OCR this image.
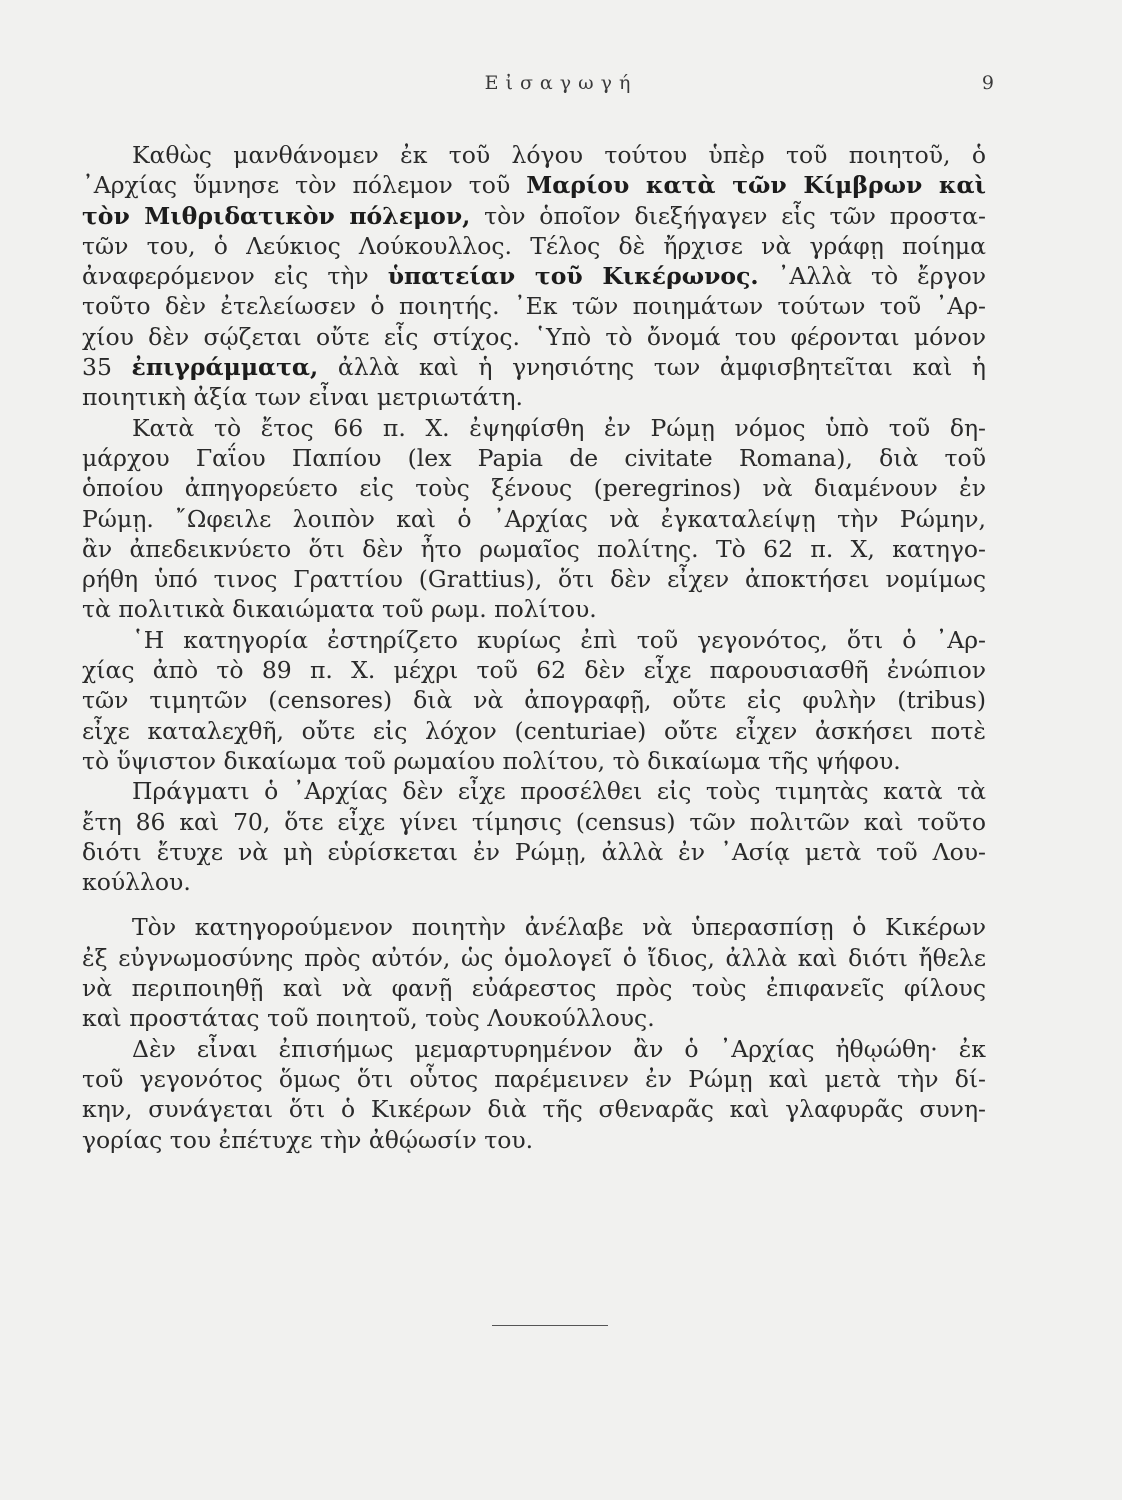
Εἰσαγωγή	9
Καθὼς μανθάνομεν ἐκ τοῦ λόγου τούτου ὑπὲρ τοῦ ποιητοῦ, ὁ
᾿Αρχίας ὕμνησε τὸν πόλεμον τοῦ Μαρίου κατὰ τῶν Κίμβρων καὶ
τὸν Μιθριδατικὸν πόλεμον, τὸν ὁποῖον διεξήγαγεν εἷς τῶν προστα-
τῶν του, ὁ Λεύκιος Λούκουλλος. Τέλος δὲ ἤρχισε νὰ γράφῃ ποίημα
ἀναφερόμενον εἰς τὴν ὑπατείαν τοῦ Κικέρωνος. ᾿Αλλὰ τὸ ἔργον
τοῦτο δὲν ἐτελείωσεν ὁ ποιητής. ᾿Εκ τῶν ποιημάτων τούτων τοῦ ᾿Αρ-
χίου δὲν σῴζεται οὔτε εἷς στίχος. ῾Υπὸ τὸ ὄνομά του φέρονται μόνον
35 ἐπιγράμματα, ἀλλὰ καὶ ἡ γνησιότης των ἀμφισβητεῖται καὶ ἡ
ποιητικὴ ἀξία των εἶναι μετριωτάτη.
Κατὰ τὸ ἔτος 66 π. Χ. ἐψηφίσθη ἐν Ρώμῃ νόμος ὑπὸ τοῦ δη-
μάρχου Γαΐου Παπίου (lex Papia de civitate Romana), διὰ τοῦ
ὁποίου ἀπηγορεύετο εἰς τοὺς ξένους (peregrinos) νὰ διαμένουν ἐν
Ρώμῃ. ῎Ωφειλε λοιπὸν καὶ ὁ ᾿Αρχίας νὰ ἐγκαταλείψῃ τὴν Ρώμην,
ἂν ἀπεδεικνύετο ὅτι δὲν ἦτο ρωμαῖος πολίτης. Τὸ 62 π. Χ, κατηγο-
ρήθη ὑπό τινος Γραττίου (Grattius), ὅτι δὲν εἶχεν ἀποκτήσει νομίμως
τὰ πολιτικὰ δικαιώματα τοῦ ρωμ. πολίτου.
῾Η κατηγορία ἐστηρίζετο κυρίως ἐπὶ τοῦ γεγονότος, ὅτι ὁ ᾿Αρ-
χίας ἀπὸ τὸ 89 π. Χ. μέχρι τοῦ 62 δὲν εἶχε παρουσιασθῆ ἐνώπιον
τῶν τιμητῶν (censores) διὰ νὰ ἀπογραφῇ, οὔτε εἰς φυλὴν (tribus)
εἶχε καταλεχθῆ, οὔτε εἰς λόχον (centuriae) οὔτε εἶχεν ἀσκήσει ποτὲ
τὸ ὕψιστον δικαίωμα τοῦ ρωμαίου πολίτου, τὸ δικαίωμα τῆς ψήφου.
Πράγματι ὁ ᾿Αρχίας δὲν εἶχε προσέλθει εἰς τοὺς τιμητὰς κατὰ τὰ
ἔτη 86 καὶ 70, ὅτε εἶχε γίνει τίμησις (census) τῶν πολιτῶν καὶ τοῦτο
διότι ἔτυχε νὰ μὴ εὑρίσκεται ἐν Ρώμῃ, ἀλλὰ ἐν ᾿Ασίᾳ μετὰ τοῦ Λου-
κούλλου.
Τὸν κατηγορούμενον ποιητὴν ἀνέλαβε νὰ ὑπερασπίσῃ ὁ Κικέρων
ἐξ εὐγνωμοσύνης πρὸς αὐτόν, ὡς ὁμολογεῖ ὁ ἴδιος, ἀλλὰ καὶ διότι ἤθελε
νὰ περιποιηθῇ καὶ νὰ φανῇ εὐάρεστος πρὸς τοὺς ἐπιφανεῖς φίλους
καὶ προστάτας τοῦ ποιητοῦ, τοὺς Λουκούλλους.
Δὲν εἶναι ἐπισήμως μεμαρτυρημένον ἂν ὁ ᾿Αρχίας ἠθῳώθη· ἐκ
τοῦ γεγονότος ὅμως ὅτι οὗτος παρέμεινεν ἐν Ρώμῃ καὶ μετὰ τὴν δί-
κην, συνάγεται ὅτι ὁ Κικέρων διὰ τῆς σθεναρᾶς καὶ γλαφυρᾶς συνη-
γορίας του ἐπέτυχε τὴν ἀθῴωσίν του.
